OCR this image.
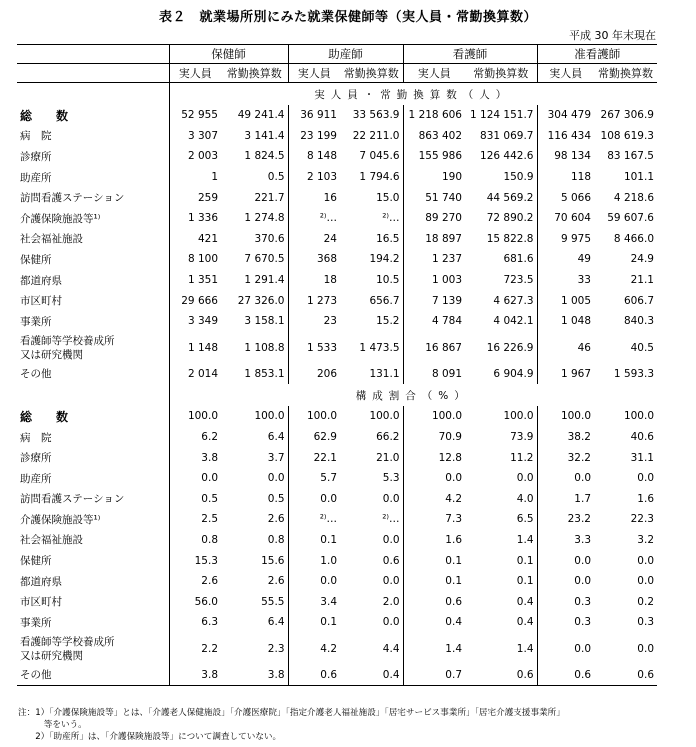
表２　就業場所別にみた就業保健師等（実人員・常勤換算数）
平成 30 年末現在
	保健師		助産師		看護師		准看護師	
	実人員	常勤換算数	実人員	常勤換算数	実人員	常勤換算数	実人員	常勤換算数
	実人員・常勤換算数（人）							
総　数	52 955	49 241.4	36 911	33 563.9	1 218 606	1 124 151.7	304 479	267 306.9
病　院	3 307	3 141.4	23 199	22 211.0	863 402	831 069.7	116 434	108 619.3
診療所	2 003	1 824.5	8 148	7 045.6	155 986	126 442.6	98 134	83 167.5
助産所	1	0.5	2 103	1 794.6	190	150.9	118	101.1
訪問看護ステーション	259	221.7	16	15.0	51 740	44 569.2	5 066	4 218.6
介護保険施設等¹⁾	1 336	1 274.8	²⁾…	²⁾…	89 270	72 890.2	70 604	59 607.6
社会福祉施設	421	370.6	24	16.5	18 897	15 822.8	9 975	8 466.0
保健所	8 100	7 670.5	368	194.2	1 237	681.6	49	24.9
都道府県	1 351	1 291.4	18	10.5	1 003	723.5	33	21.1
市区町村	29 666	27 326.0	1 273	656.7	7 139	4 627.3	1 005	606.7
事業所	3 349	3 158.1	23	15.2	4 784	4 042.1	1 048	840.3

看護師等学校養成所
又は研究機関	1 148	1 108.8	1 533	1 473.5	16 867	16 226.9	46	40.5
その他	2 014	1 853.1	206	131.1	8 091	6 904.9	1 967	1 593.3
	構成割合（%）							
総　数	100.0	100.0	100.0	100.0	100.0	100.0	100.0	100.0
病　院	6.2	6.4	62.9	66.2	70.9	73.9	38.2	40.6
診療所	3.8	3.7	22.1	21.0	12.8	11.2	32.2	31.1
助産所	0.0	0.0	5.7	5.3	0.0	0.0	0.0	0.0
訪問看護ステーション	0.5	0.5	0.0	0.0	4.2	4.0	1.7	1.6
介護保険施設等¹⁾	2.5	2.6	²⁾…	²⁾…	7.3	6.5	23.2	22.3
社会福祉施設	0.8	0.8	0.1	0.0	1.6	1.4	3.3	3.2
保健所	15.3	15.6	1.0	0.6	0.1	0.1	0.0	0.0
都道府県	2.6	2.6	0.0	0.0	0.1	0.1	0.0	0.0
市区町村	56.0	55.5	3.4	2.0	0.6	0.4	0.3	0.2
事業所	6.3	6.4	0.1	0.0	0.4	0.4	0.3	0.3

看護師等学校養成所
又は研究機関	2.2	2.3	4.2	4.4	1.4	1.4	0.0	0.0
その他	3.8	3.8	0.6	0.4	0.7	0.6	0.6	0.6
注：1）「介護保険施設等」とは、「介護老人保健施設」「介護医療院」「指定介護老人福祉施設」「居宅サービス事業所」「居宅介護支援事業所」
　　　等をいう。
　　2）「助産所」は、「介護保険施設等」について調査していない。
